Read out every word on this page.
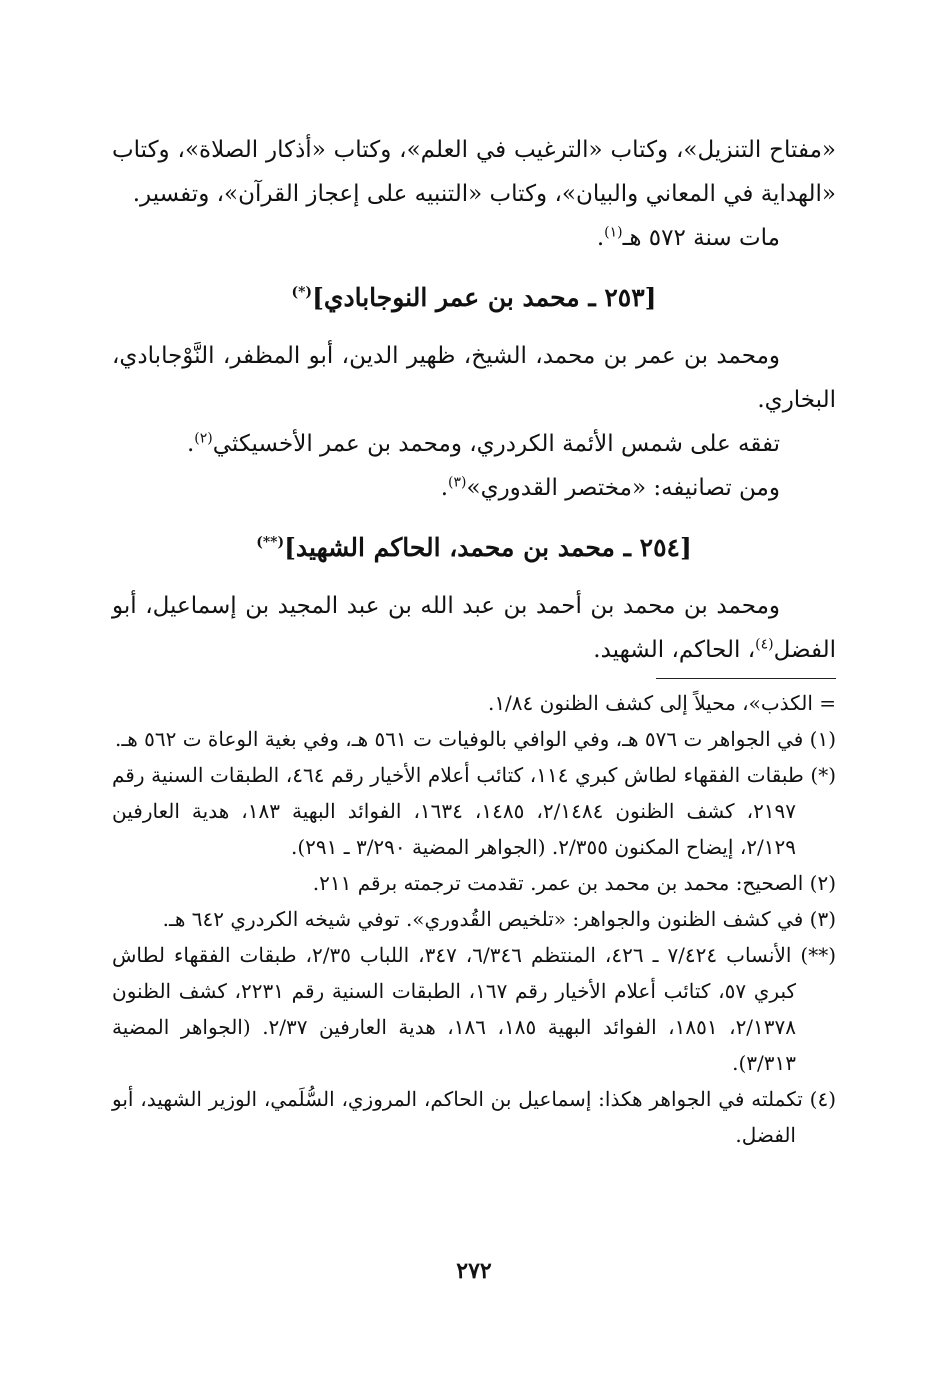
«مفتاح التنزيل»، وكتاب «الترغيب في العلم»، وكتاب «أذكار الصلاة»، وكتاب «الهداية في المعاني والبيان»، وكتاب «التنبيه على إعجاز القرآن»، وتفسير.
مات سنة ٥٧٢ هـ$^{(١)}$.

[٢٥٣ ـ محمد بن عمر النوجابادي](*)

ومحمد بن عمر بن محمد، الشيخ، ظهير الدين، أبو المظفر، النَّوْجابادي، البخاري.

تفقه على شمس الأئمة الكردري، ومحمد بن عمر الأخسيكثي$^{(٢)}$.

ومن تصانيفه: «مختصر القدوري»$^{(٣)}$.

[٢٥٤ ـ محمد بن محمد، الحاكم الشهيد](**)

ومحمد بن محمد بن أحمد بن عبد الله بن عبد المجيد بن إسماعيل، أبو الفضل$^{(٤)}$، الحاكم، الشهيد.

= الكذب»، محيلاً إلى كشف الظنون ١/٨٤.

(١) في الجواهر ت ٥٧٦ هـ، وفي الوافي بالوفيات ت ٥٦١ هـ، وفي بغية الوعاة ت ٥٦٢ هـ.

(*) طبقات الفقهاء لطاش كبري ١١٤، كتائب أعلام الأخيار رقم ٤٦٤، الطبقات السنية رقم ٢١٩٧، كشف الظنون ٢/١٤٨٤، ١٤٨٥، ١٦٣٤، الفوائد البهية ١٨٣، هدية العارفين ٢/١٢٩، إيضاح المكنون ٢/٣٥٥. (الجواهر المضية ٣/٢٩٠ ـ ٢٩١).

(٢) الصحيح: محمد بن محمد بن عمر. تقدمت ترجمته برقم ٢١١.

(٣) في كشف الظنون والجواهر: «تلخيص القُدوري». توفي شيخه الكردري ٦٤٢ هـ.

(**) الأنساب ٧/٤٢٤ ـ ٤٢٦، المنتظم ٦/٣٤٦، ٣٤٧، اللباب ٢/٣٥، طبقات الفقهاء لطاش كبري ٥٧، كتائب أعلام الأخيار رقم ١٦٧، الطبقات السنية رقم ٢٢٣١، كشف الظنون ٢/١٣٧٨، ١٨٥١، الفوائد البهية ١٨٥، ١٨٦، هدية العارفين ٢/٣٧. (الجواهر المضية ٣/٣١٣).

(٤) تكملته في الجواهر هكذا: إسماعيل بن الحاكم، المروزي، السُّلَمي، الوزير الشهيد، أبو الفضل.

٢٧٢
